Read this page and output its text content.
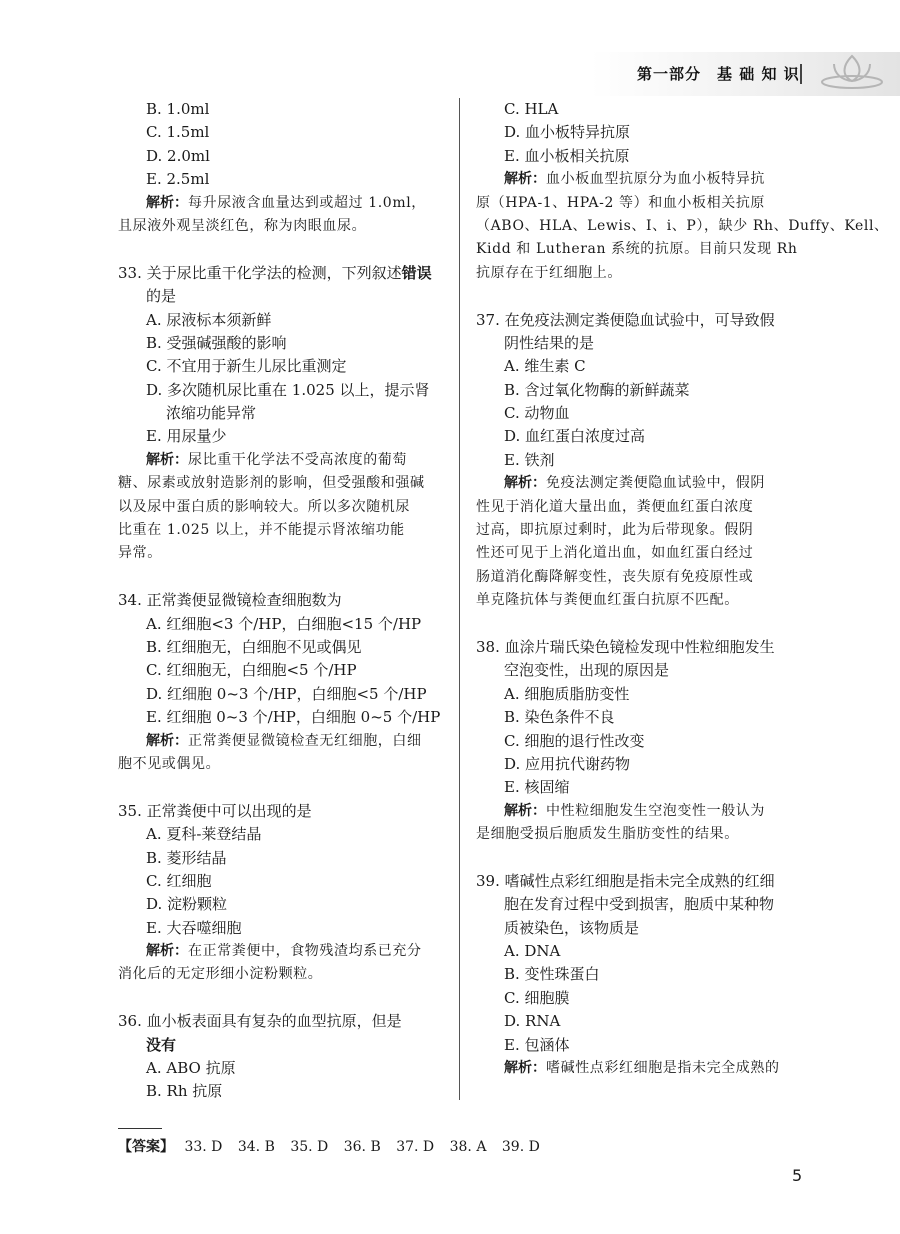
第一部分　基 础 知 识
B. 1.0ml
C. 1.5ml
D. 2.0ml
E. 2.5ml
解析：每升尿液含血量达到或超过 1.0ml，
且尿液外观呈淡红色，称为肉眼血尿。
33. 关于尿比重干化学法的检测，下列叙述错误
的是
A. 尿液标本须新鲜
B. 受强碱强酸的影响
C. 不宜用于新生儿尿比重测定
D. 多次随机尿比重在 1.025 以上，提示肾
浓缩功能异常
E. 用尿量少
解析：尿比重干化学法不受高浓度的葡萄
糖、尿素或放射造影剂的影响，但受强酸和强碱
以及尿中蛋白质的影响较大。所以多次随机尿
比重在 1.025 以上，并不能提示肾浓缩功能
异常。
34. 正常粪便显微镜检查细胞数为
A. 红细胞<3 个/HP，白细胞<15 个/HP
B. 红细胞无，白细胞不见或偶见
C. 红细胞无，白细胞<5 个/HP
D. 红细胞 0~3 个/HP，白细胞<5 个/HP
E. 红细胞 0~3 个/HP，白细胞 0~5 个/HP
解析：正常粪便显微镜检查无红细胞，白细
胞不见或偶见。
35. 正常粪便中可以出现的是
A. 夏科-莱登结晶
B. 菱形结晶
C. 红细胞
D. 淀粉颗粒
E. 大吞噬细胞
解析：在正常粪便中，食物残渣均系已充分
消化后的无定形细小淀粉颗粒。
36. 血小板表面具有复杂的血型抗原，但是
没有
A. ABO 抗原
B. Rh 抗原
C. HLA
D. 血小板特异抗原
E. 血小板相关抗原
解析：血小板血型抗原分为血小板特异抗
原（HPA-1、HPA-2 等）和血小板相关抗原
（ABO、HLA、Lewis、I、i、P），缺少 Rh、Duffy、Kell、
Kidd 和 Lutheran 系统的抗原。目前只发现 Rh
抗原存在于红细胞上。
37. 在免疫法测定粪便隐血试验中，可导致假
阴性结果的是
A. 维生素 C
B. 含过氧化物酶的新鲜蔬菜
C. 动物血
D. 血红蛋白浓度过高
E. 铁剂
解析：免疫法测定粪便隐血试验中，假阴
性见于消化道大量出血，粪便血红蛋白浓度
过高，即抗原过剩时，此为后带现象。假阴
性还可见于上消化道出血，如血红蛋白经过
肠道消化酶降解变性，丧失原有免疫原性或
单克隆抗体与粪便血红蛋白抗原不匹配。
38. 血涂片瑞氏染色镜检发现中性粒细胞发生
空泡变性，出现的原因是
A. 细胞质脂肪变性
B. 染色条件不良
C. 细胞的退行性改变
D. 应用抗代谢药物
E. 核固缩
解析：中性粒细胞发生空泡变性一般认为
是细胞受损后胞质发生脂肪变性的结果。
39. 嗜碱性点彩红细胞是指未完全成熟的红细
胞在发育过程中受到损害，胞质中某种物
质被染色，该物质是
A. DNA
B. 变性珠蛋白
C. 细胞膜
D. RNA
E. 包涵体
解析：嗜碱性点彩红细胞是指未完全成熟的
【答案】 33. D 34. B 35. D 36. B 37. D 38. A 39. D
5
